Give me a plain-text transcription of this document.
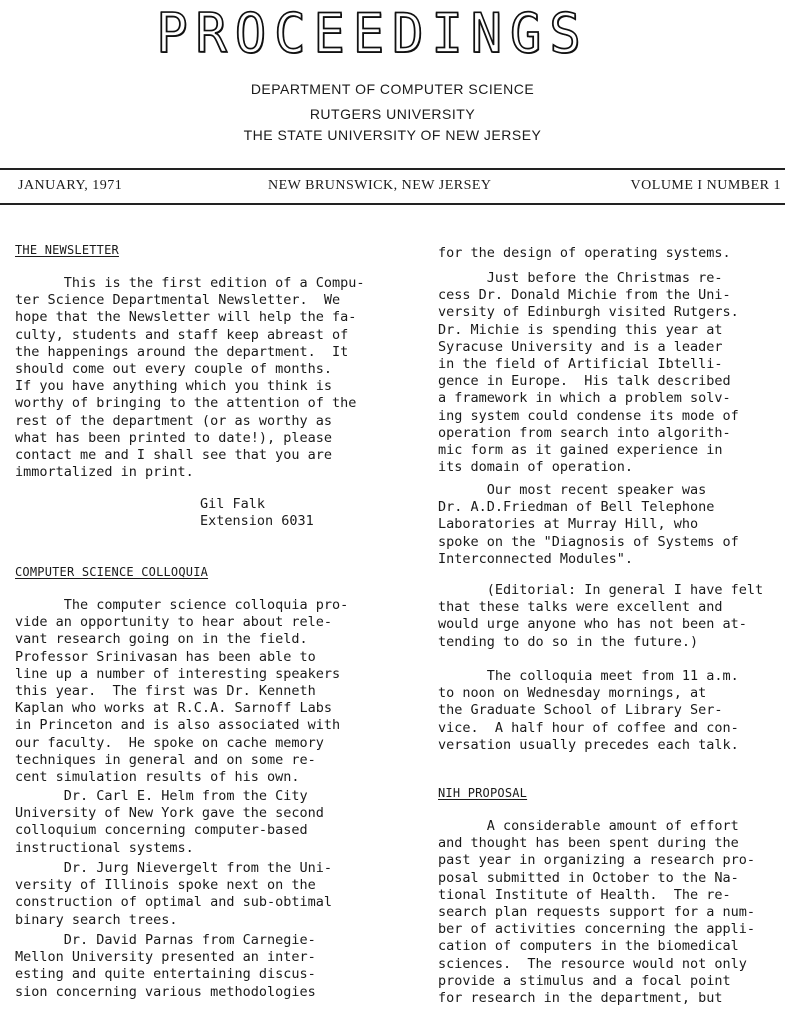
PROCEEDINGS
DEPARTMENT OF COMPUTER SCIENCE
RUTGERS UNIVERSITY
THE STATE UNIVERSITY OF NEW JERSEY
JANUARY, 1971	NEW BRUNSWICK, NEW JERSEY	VOLUME I NUMBER 1
THE NEWSLETTER
This is the first edition of a Compu-
ter Science Departmental Newsletter.  We
hope that the Newsletter will help the fa-
culty, students and staff keep abreast of
the happenings around the department.  It
should come out every couple of months.
If you have anything which you think is
worthy of bringing to the attention of the
rest of the department (or as worthy as
what has been printed to date!), please
contact me and I shall see that you are
immortalized in print.
Gil Falk
Extension 6031
COMPUTER SCIENCE COLLOQUIA
The computer science colloquia pro-
vide an opportunity to hear about rele-
vant research going on in the field.
Professor Srinivasan has been able to
line up a number of interesting speakers
this year.  The first was Dr. Kenneth
Kaplan who works at R.C.A. Sarnoff Labs
in Princeton and is also associated with
our faculty.  He spoke on cache memory
techniques in general and on some re-
cent simulation results of his own.
Dr. Carl E. Helm from the City
University of New York gave the second
colloquium concerning computer-based
instructional systems.
Dr. Jurg Nievergelt from the Uni-
versity of Illinois spoke next on the
construction of optimal and sub-obtimal
binary search trees.
Dr. David Parnas from Carnegie-
Mellon University presented an inter-
esting and quite entertaining discus-
sion concerning various methodologies
for the design of operating systems.
Just before the Christmas re-
cess Dr. Donald Michie from the Uni-
versity of Edinburgh visited Rutgers.
Dr. Michie is spending this year at
Syracuse University and is a leader
in the field of Artificial Ibtelli-
gence in Europe.  His talk described
a framework in which a problem solv-
ing system could condense its mode of
operation from search into algorith-
mic form as it gained experience in
its domain of operation.
Our most recent speaker was
Dr. A.D.Friedman of Bell Telephone
Laboratories at Murray Hill, who
spoke on the "Diagnosis of Systems of
Interconnected Modules".
(Editorial: In general I have felt
that these talks were excellent and
would urge anyone who has not been at-
tending to do so in the future.)
The colloquia meet from 11 a.m.
to noon on Wednesday mornings, at
the Graduate School of Library Ser-
vice.  A half hour of coffee and con-
versation usually precedes each talk.
NIH PROPOSAL
A considerable amount of effort
and thought has been spent during the
past year in organizing a research pro-
posal submitted in October to the Na-
tional Institute of Health.  The re-
search plan requests support for a num-
ber of activities concerning the appli-
cation of computers in the biomedical
sciences.  The resource would not only
provide a stimulus and a focal point
for research in the department, but
